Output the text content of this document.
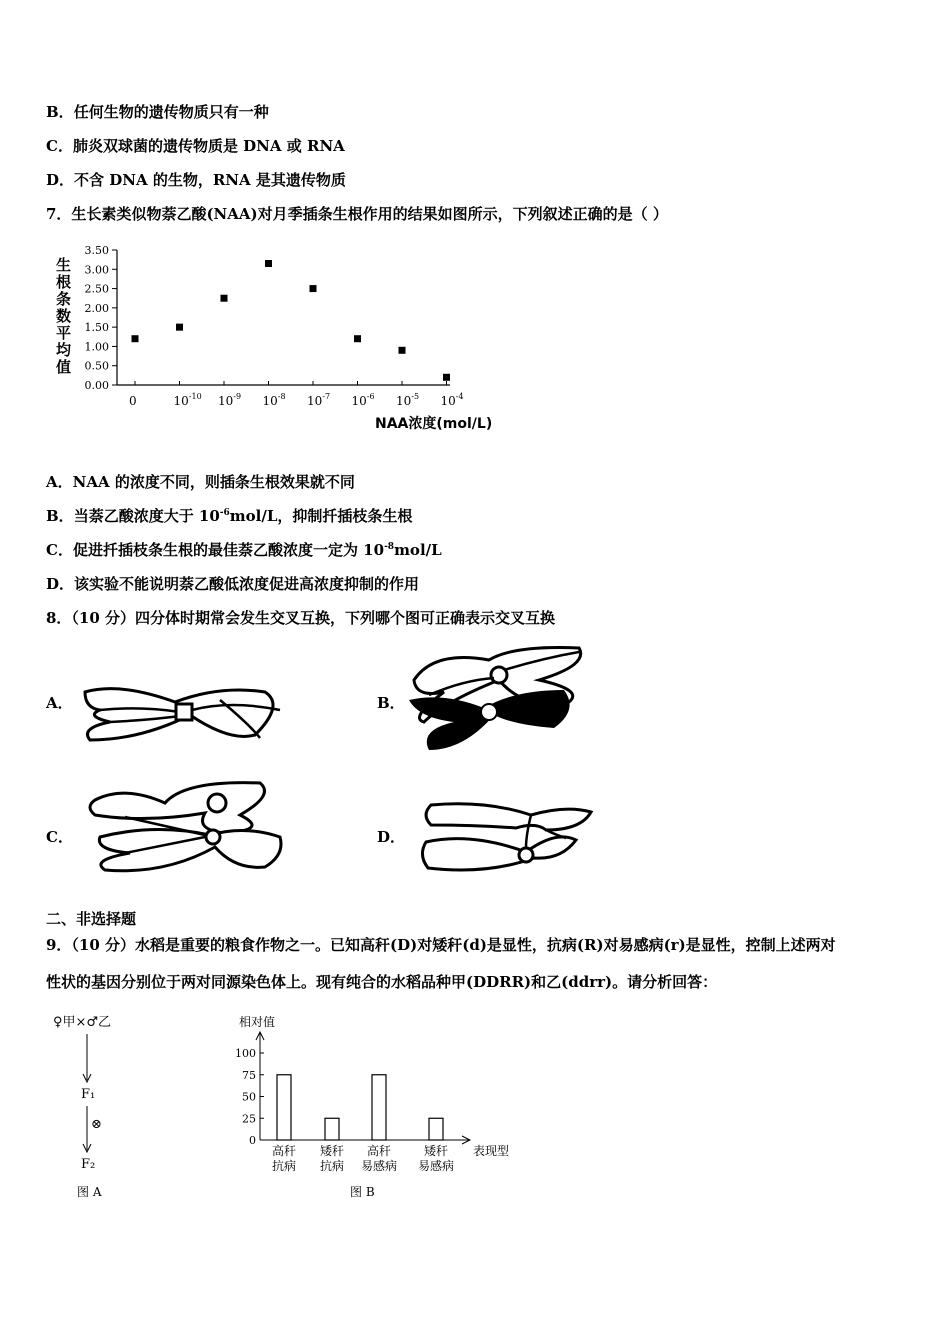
B．任何生物的遗传物质只有一种
C．肺炎双球菌的遗传物质是 DNA 或 RNA
D．不含 DNA 的生物，RNA 是其遗传物质
7．生长素类似物萘乙酸(NAA)对月季插条生根作用的结果如图所示，下列叙述正确的是（ ）
生
根
条
数
平
均
值
0.00
0.50
1.00
1.50
2.00
2.50
3.00
3.50
0	$10^{-10}$ $10^{-9}$ $10^{-8}$ $10^{-7}$ $10^{-6}$ $10^{-5}$ $10^{-4}$
NAA浓度(mol/L)
A．NAA 的浓度不同，则插条生根效果就不同
B．当萘乙酸浓度大于 $10^{-6}mol/L$，抑制扦插枝条生根
C．促进扦插枝条生根的最佳萘乙酸浓度一定为 $10^{-8}mol/L$
D．该实验不能说明萘乙酸低浓度促进高浓度抑制的作用
8．（10 分）四分体时期常会发生交叉互换，下列哪个图可正确表示交叉互换
A．	B．
C．	D．
二、非选择题
9．（10 分）水稻是重要的粮食作物之一。已知高秆(D)对矮秆(d)是显性，抗病(R)对易感病(r)是显性，控制上述两对
性状的基因分别位于两对同源染色体上。现有纯合的水稻品种甲(DDRR)和乙(ddrr)。请分析回答：
♀甲×♂乙
F₁
⊗
F₂
图 A
相对值
表现型
0
25
50
75
100
高秆
抗病
矮秆
抗病
高秆
易感病
矮秆
易感病
图 B
